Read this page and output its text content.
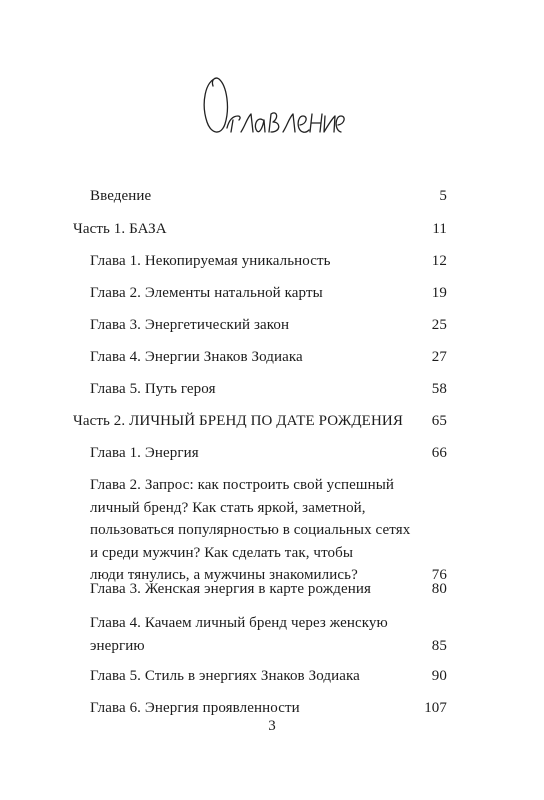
Введение	5
Часть 1. БАЗА	11
Глава 1. Некопируемая уникальность	12
Глава 2. Элементы натальной карты	19
Глава 3. Энергетический закон	25
Глава 4. Энергии Знаков Зодиака	27
Глава 5. Путь героя	58
Часть 2. ЛИЧНЫЙ БРЕНД ПО ДАТЕ РОЖДЕНИЯ	65
Глава 1. Энергия	66
Глава 2. Запрос: как построить свой успешный
личный бренд? Как стать яркой, заметной,
пользоваться популярностью в социальных сетях
и среди мужчин? Как сделать так, чтобы
люди тянулись, а мужчины знакомились?	76
Глава 3. Женская энергия в карте рождения	80
Глава 4. Качаем личный бренд через женскую
энергию	85
Глава 5. Стиль в энергиях Знаков Зодиака	90
Глава 6. Энергия проявленности	107
3
